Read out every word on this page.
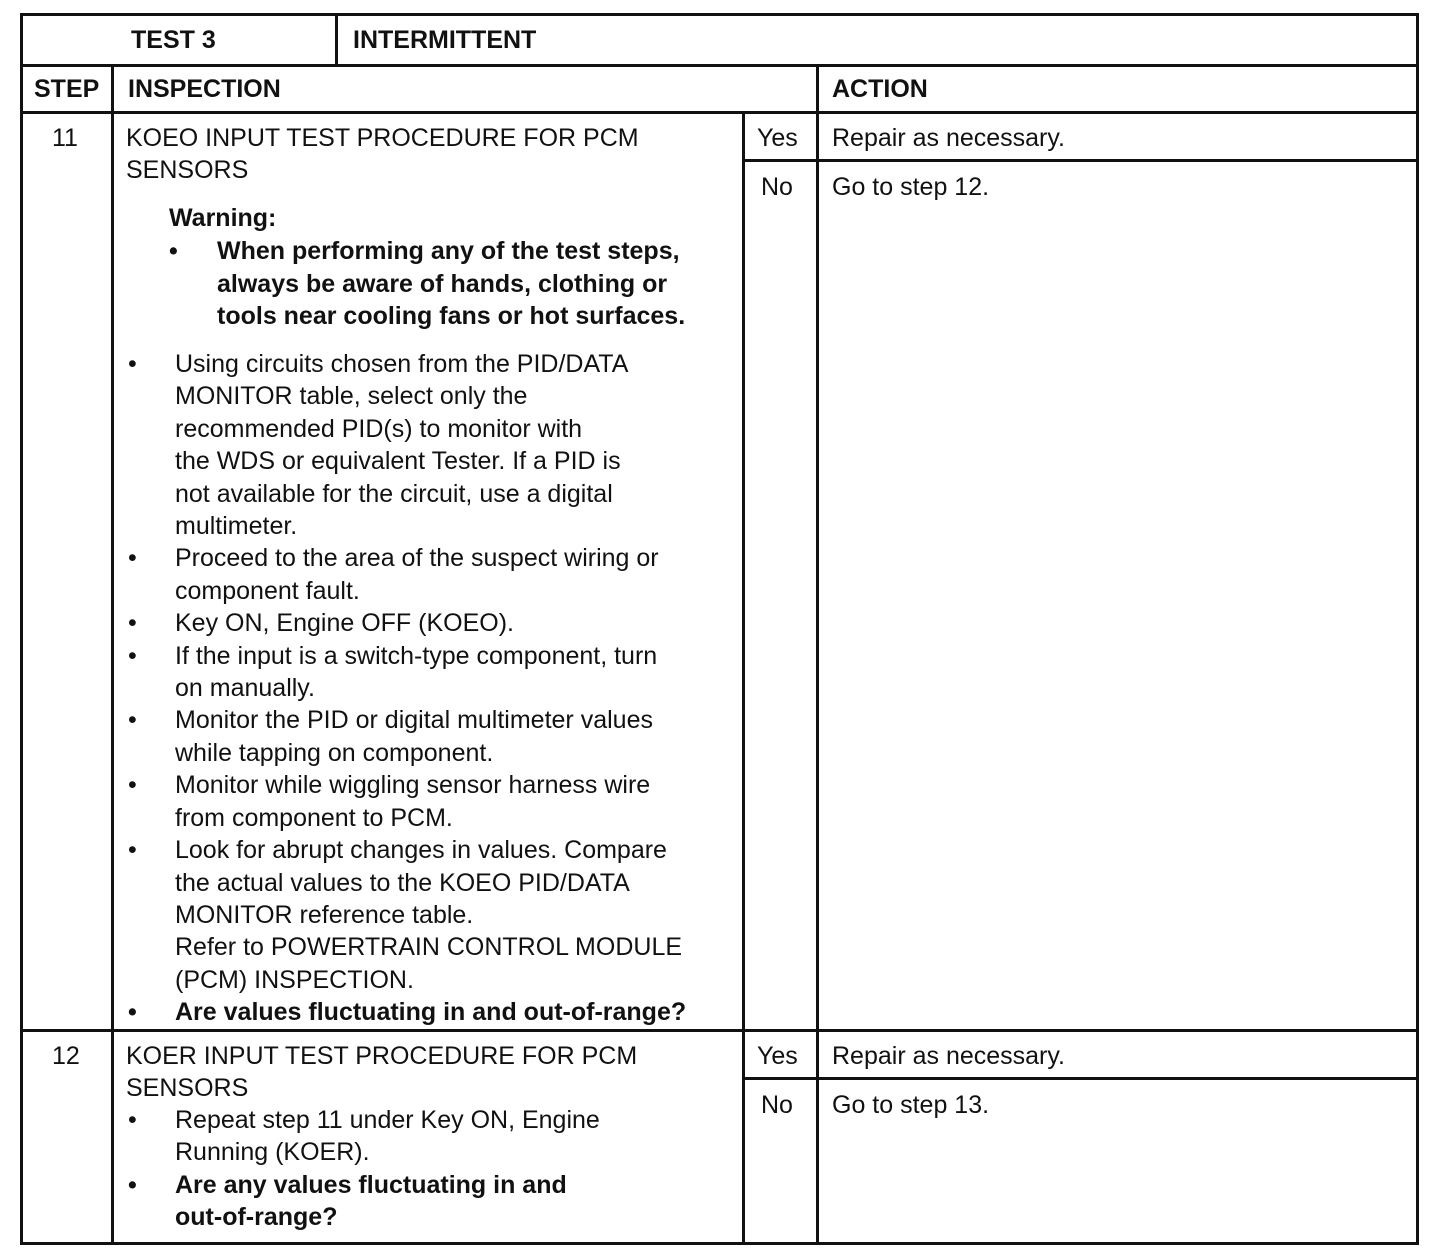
TEST 3	INTERMITTENT
STEP INSPECTION	ACTION
11 KOEO INPUT TEST PROCEDURE FOR PCM
SENSORS
Warning:
• When performing any of the test steps,
always be aware of hands, clothing or
tools near cooling fans or hot surfaces.
• Using circuits chosen from the PID/DATA
MONITOR table, select only the
recommended PID(s) to monitor with
the WDS or equivalent Tester. If a PID is
not available for the circuit, use a digital
multimeter.
• Proceed to the area of the suspect wiring or
component fault.
• Key ON, Engine OFF (KOEO).
• If the input is a switch-type component, turn
on manually.
• Monitor the PID or digital multimeter values
while tapping on component.
• Monitor while wiggling sensor harness wire
from component to PCM.
• Look for abrupt changes in values. Compare
the actual values to the KOEO PID/DATA
MONITOR reference table.
Refer to POWERTRAIN CONTROL MODULE
(PCM) INSPECTION.
• Are values fluctuating in and out-of-range?
Yes Repair as necessary.
No Go to step 12.
12 KOER INPUT TEST PROCEDURE FOR PCM
SENSORS
• Repeat step 11 under Key ON, Engine
Running (KOER).
• Are any values fluctuating in and
out-of-range?
Yes Repair as necessary.
No Go to step 13.
